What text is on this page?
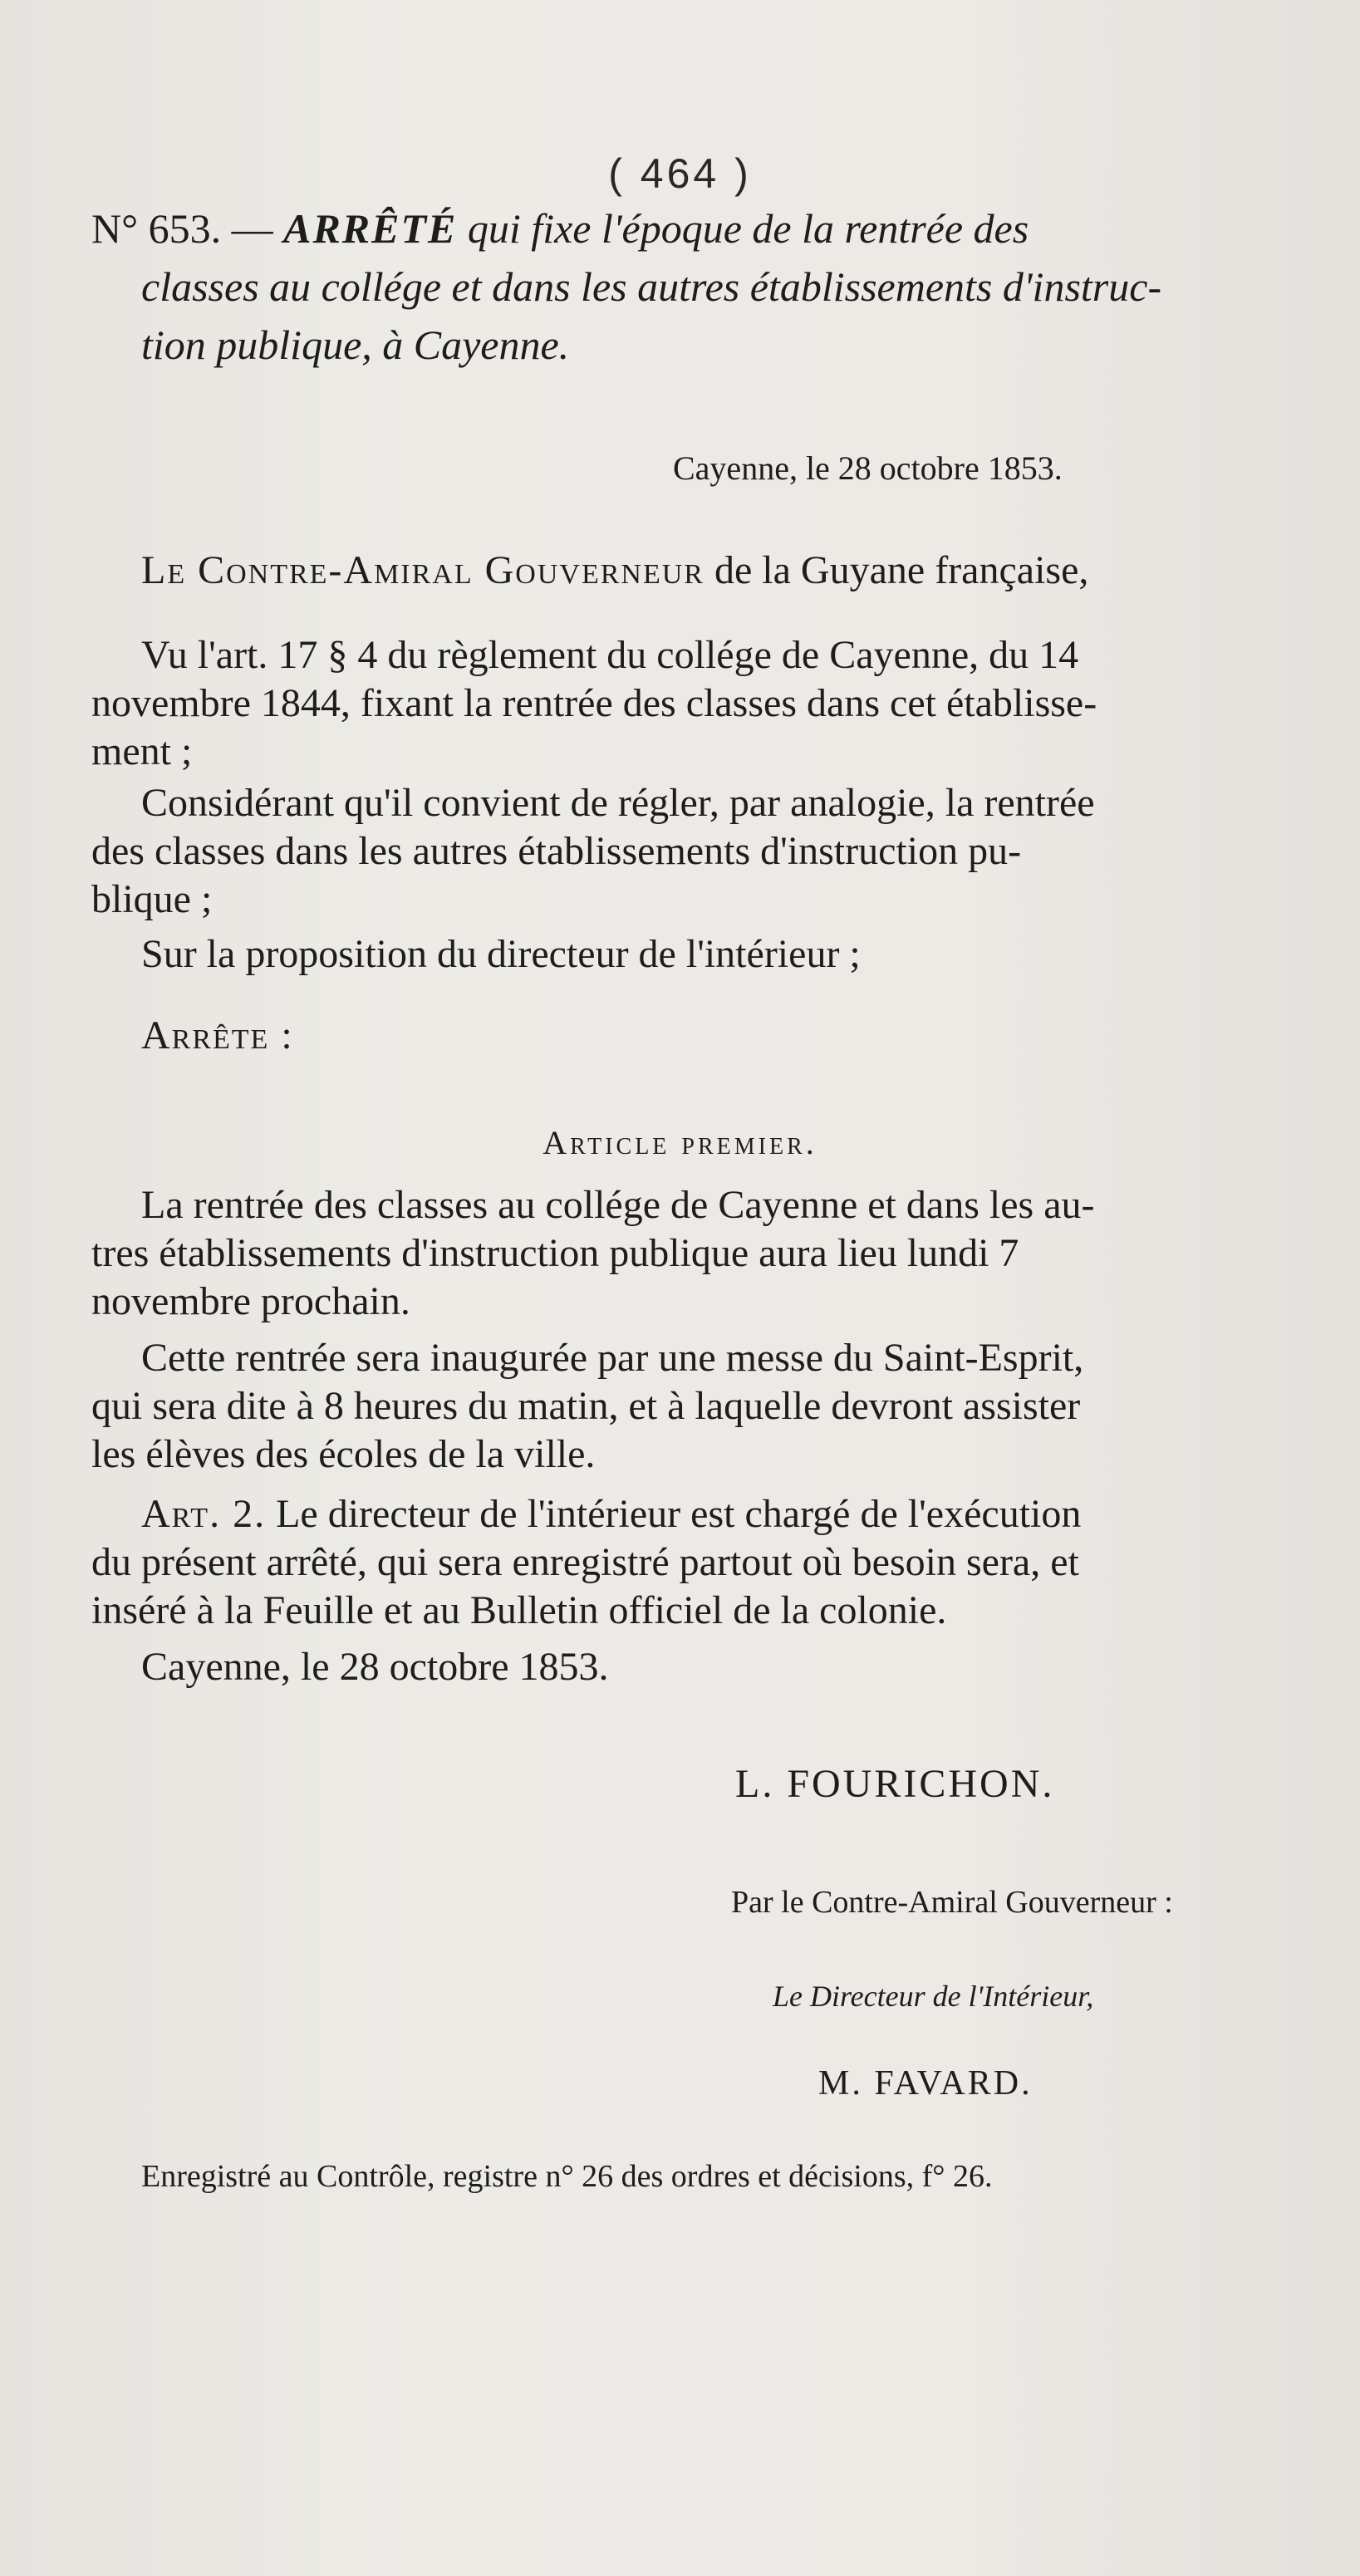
( 464 )
N° 653. — ARRÊTÉ qui fixe l'époque de la rentrée des
classes au collége et dans les autres établissements d'instruc-
tion publique, à Cayenne.
Cayenne, le 28 octobre 1853.
Le Contre-Amiral Gouverneur de la Guyane française,
Vu l'art. 17 § 4 du règlement du collége de Cayenne, du 14
novembre 1844, fixant la rentrée des classes dans cet établisse-
ment ;
Considérant qu'il convient de régler, par analogie, la rentrée
des classes dans les autres établissements d'instruction pu-
blique ;
Sur la proposition du directeur de l'intérieur ;
Arrête :
Article premier.
La rentrée des classes au collége de Cayenne et dans les au-
tres établissements d'instruction publique aura lieu lundi 7
novembre prochain.
Cette rentrée sera inaugurée par une messe du Saint-Esprit,
qui sera dite à 8 heures du matin, et à laquelle devront assister
les élèves des écoles de la ville.
Art. 2. Le directeur de l'intérieur est chargé de l'exécution
du présent arrêté, qui sera enregistré partout où besoin sera, et
inséré à la Feuille et au Bulletin officiel de la colonie.
Cayenne, le 28 octobre 1853.
L. FOURICHON.
Par le Contre-Amiral Gouverneur :
Le Directeur de l'Intérieur,
M. FAVARD.
Enregistré au Contrôle, registre n° 26 des ordres et décisions, f° 26.
